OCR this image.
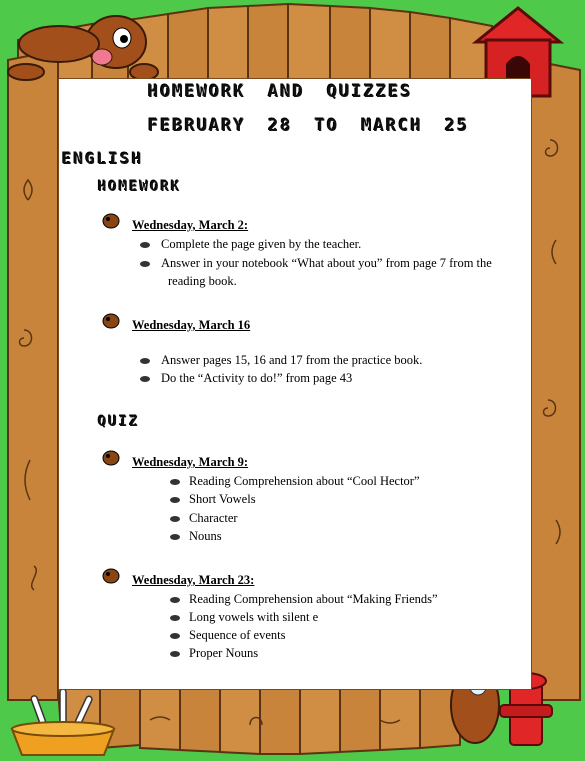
HOMEWORK AND QUIZZES
FEBRUARY 28 TO MARCH 25
ENGLISH
HOMEWORK
QUIZ
Wednesday, March 2:
Complete the page given by the teacher.
Answer in your notebook “What about you” from page 7 from the
reading book.
Wednesday, March 16
Answer pages 15, 16 and 17 from the practice book.
Do the “Activity to do!” from page 43
Wednesday, March 9:
Reading Comprehension about “Cool Hector”
Short Vowels
Character
Nouns
Wednesday, March 23:
Reading Comprehension about “Making Friends”
Long vowels with silent e
Sequence of events
Proper Nouns
